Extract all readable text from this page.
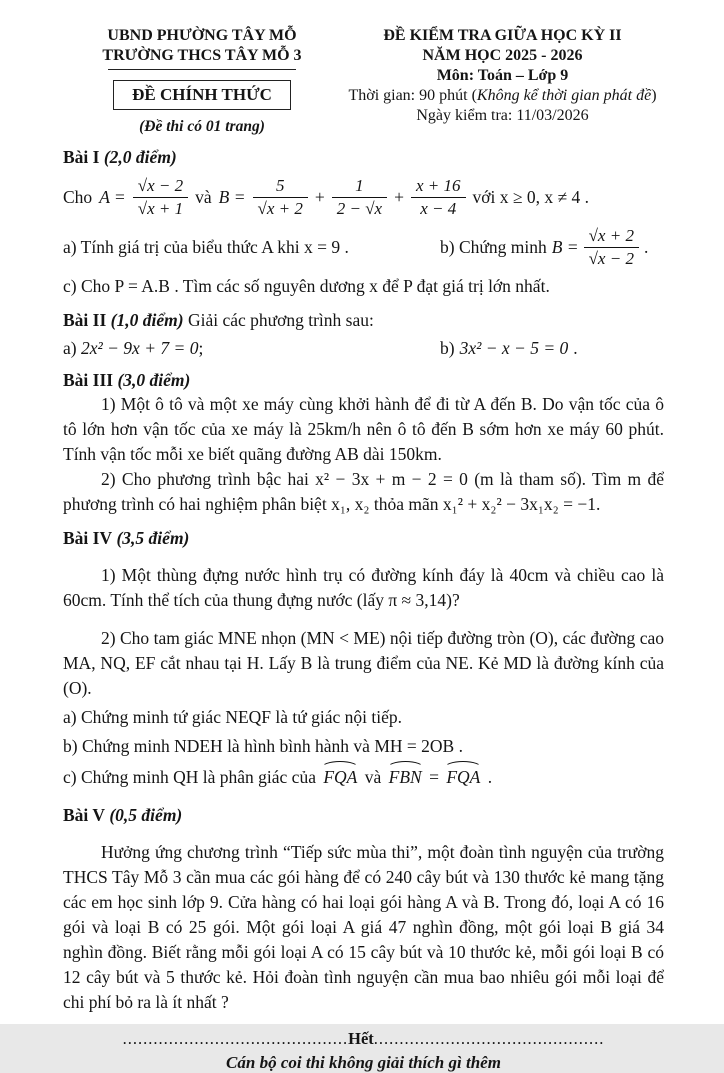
UBND PHƯỜNG TÂY MỖ
TRƯỜNG THCS TÂY MỖ 3
ĐỀ CHÍNH THỨC
(Đề thi có 01 trang)
ĐỀ KIỂM TRA GIỮA HỌC KỲ II
NĂM HỌC 2025 - 2026
Môn: Toán – Lớp 9
Thời gian: 90 phút (Không kể thời gian phát đề)
Ngày kiểm tra: 11/03/2026
Bài I (2,0 điểm)
Cho $A = \frac{√x - 2}{√x + 1}$ và $B = \frac{5}{√x + 2} + \frac{1}{2 - √x} + \frac{x + 16}{x - 4}$ với x ≥ 0, x ≠ 4 .
a) Tính giá trị của biểu thức A khi x = 9 .	b) Chứng minh $B = \frac{√x + 2}{√x - 2}$ .
c) Cho P = A.B . Tìm các số nguyên dương x để P đạt giá trị lớn nhất.
Bài II (1,0 điểm) Giải các phương trình sau:
a) 2x² − 9x + 7 = 0;	b) 3x² − x − 5 = 0 .
Bài III (3,0 điểm)

1) Một ô tô và một xe máy cùng khởi hành để đi từ A đến B. Do vận tốc của ô tô lớn hơn vận tốc của xe máy là 25km/h nên ô tô đến B sớm hơn xe máy 60 phút. Tính vận tốc mỗi xe biết quãng đường AB dài 150km.

2) Cho phương trình bậc hai x² − 3x + m − 2 = 0 (m là tham số). Tìm m để phương trình có hai nghiệm phân biệt x₁, x₂ thỏa mãn x₁² + x₂² − 3x₁x₂ = −1.

Bài IV (3,5 điểm)

1) Một thùng đựng nước hình trụ có đường kính đáy là 40cm và chiều cao là 60cm. Tính thể tích của thung đựng nước (lấy π ≈ 3,14)?

2) Cho tam giác MNE nhọn (MN < ME) nội tiếp đường tròn (O), các đường cao MA, NQ, EF cắt nhau tại H. Lấy B là trung điểm của NE. Kẻ MD là đường kính của (O).

a) Chứng minh tứ giác NEQF là tứ giác nội tiếp.
b) Chứng minh NDEH là hình bình hành và MH = 2OB .
c) Chứng minh QH là phân giác của FQA và FBN = FQA .
Bài V (0,5 điểm)

Hưởng ứng chương trình “Tiếp sức mùa thi”, một đoàn tình nguyện của trường THCS Tây Mỗ 3 cần mua các gói hàng để có 240 cây bút và 130 thước kẻ mang tặng các em học sinh lớp 9. Cửa hàng có hai loại gói hàng A và B. Trong đó, loại A có 16 gói và loại B có 25 gói. Một gói loại A giá 47 nghìn đồng, một gói loại B giá 34 nghìn đồng. Biết rằng mỗi gói loại A có 15 cây bút và 10 thước kẻ, mỗi gói loại B có 12 cây bút và 5 thước kẻ. Hỏi đoàn tình nguyện cần mua bao nhiêu gói mỗi loại để chi phí bỏ ra là ít nhất ?

............................................Hết.............................................
Cán bộ coi thi không giải thích gì thêm
